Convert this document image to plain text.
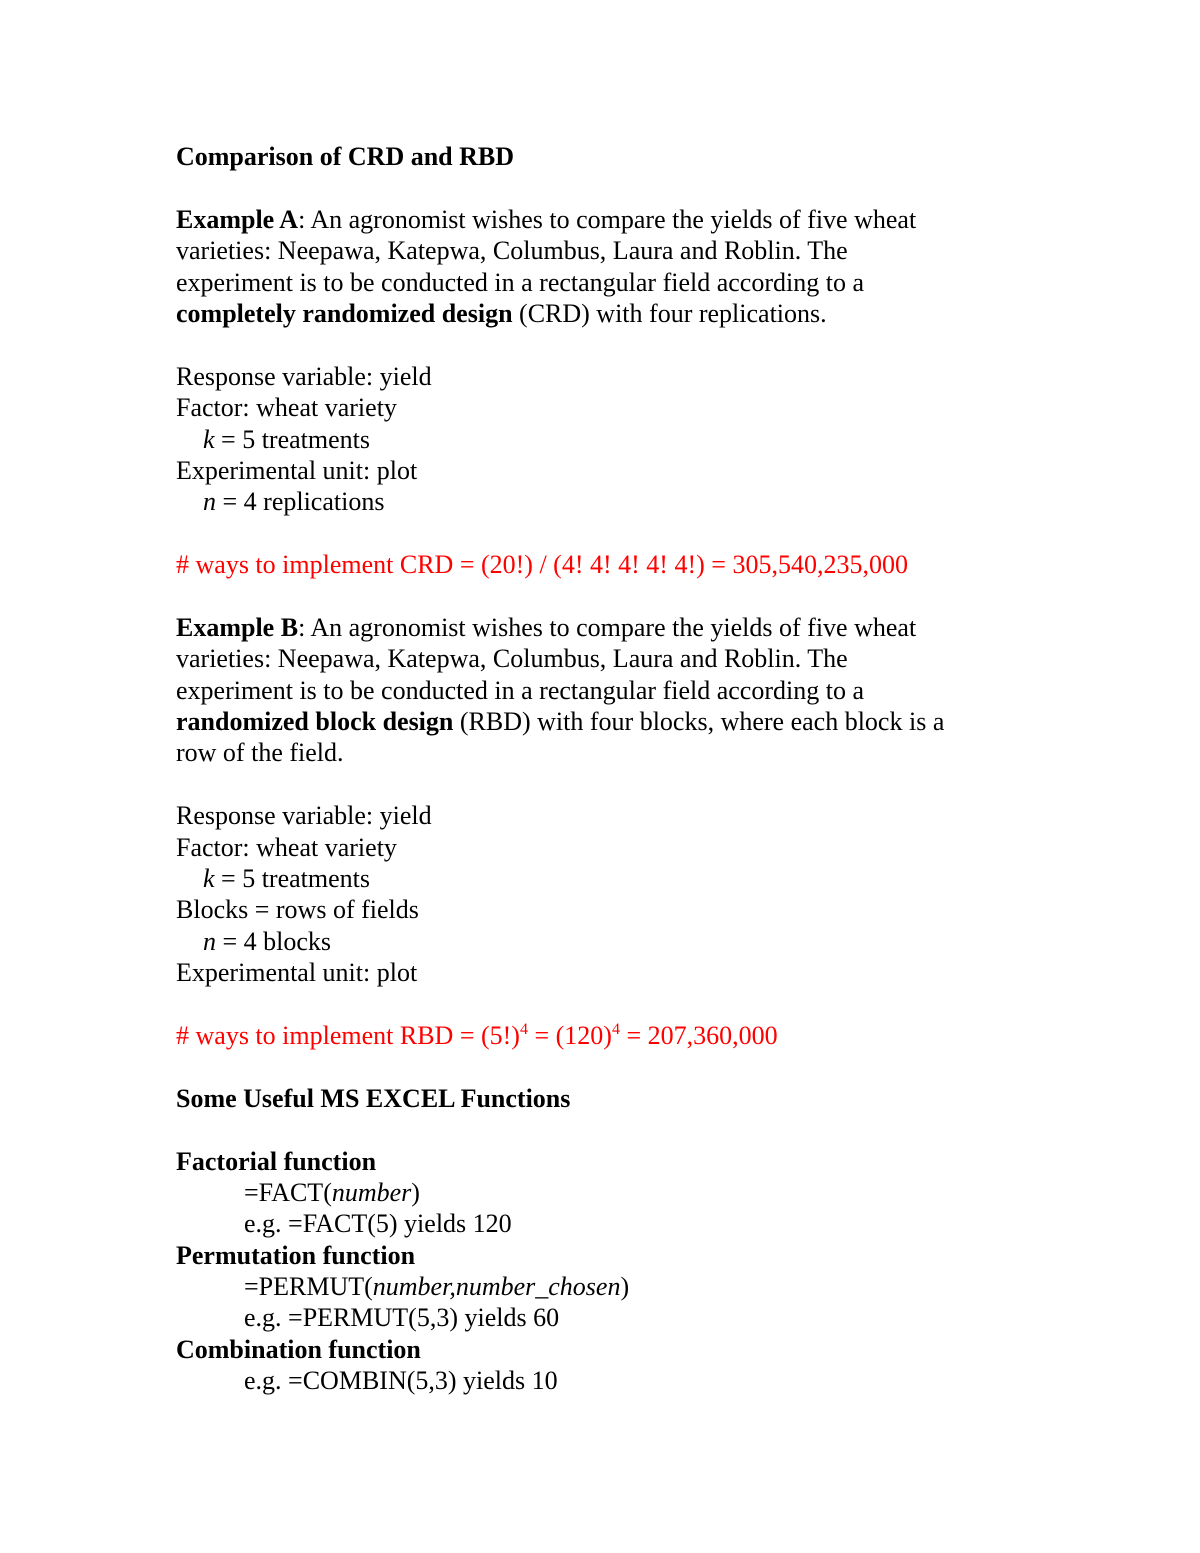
Comparison of CRD and RBD
Example A: An agronomist wishes to compare the yields of five wheat
varieties: Neepawa, Katepwa, Columbus, Laura and Roblin. The
experiment is to be conducted in a rectangular field according to a
completely randomized design (CRD) with four replications.
Response variable: yield
Factor: wheat variety
k = 5 treatments
Experimental unit: plot
n = 4 replications
# ways to implement CRD = (20!) / (4! 4! 4! 4! 4!) = 305,540,235,000
Example B: An agronomist wishes to compare the yields of five wheat
varieties: Neepawa, Katepwa, Columbus, Laura and Roblin. The
experiment is to be conducted in a rectangular field according to a
randomized block design (RBD) with four blocks, where each block is a
row of the field.
Response variable: yield
Factor: wheat variety
k = 5 treatments
Blocks = rows of fields
n = 4 blocks
Experimental unit: plot
# ways to implement RBD = $(5!)^4 = (120)^4 = 207,360,000$
Some Useful MS EXCEL Functions
Factorial function
=FACT(number)
e.g. =FACT(5) yields 120
Permutation function
=PERMUT(number,number_chosen)
e.g. =PERMUT(5,3) yields 60
Combination function
e.g. =COMBIN(5,3) yields 10
